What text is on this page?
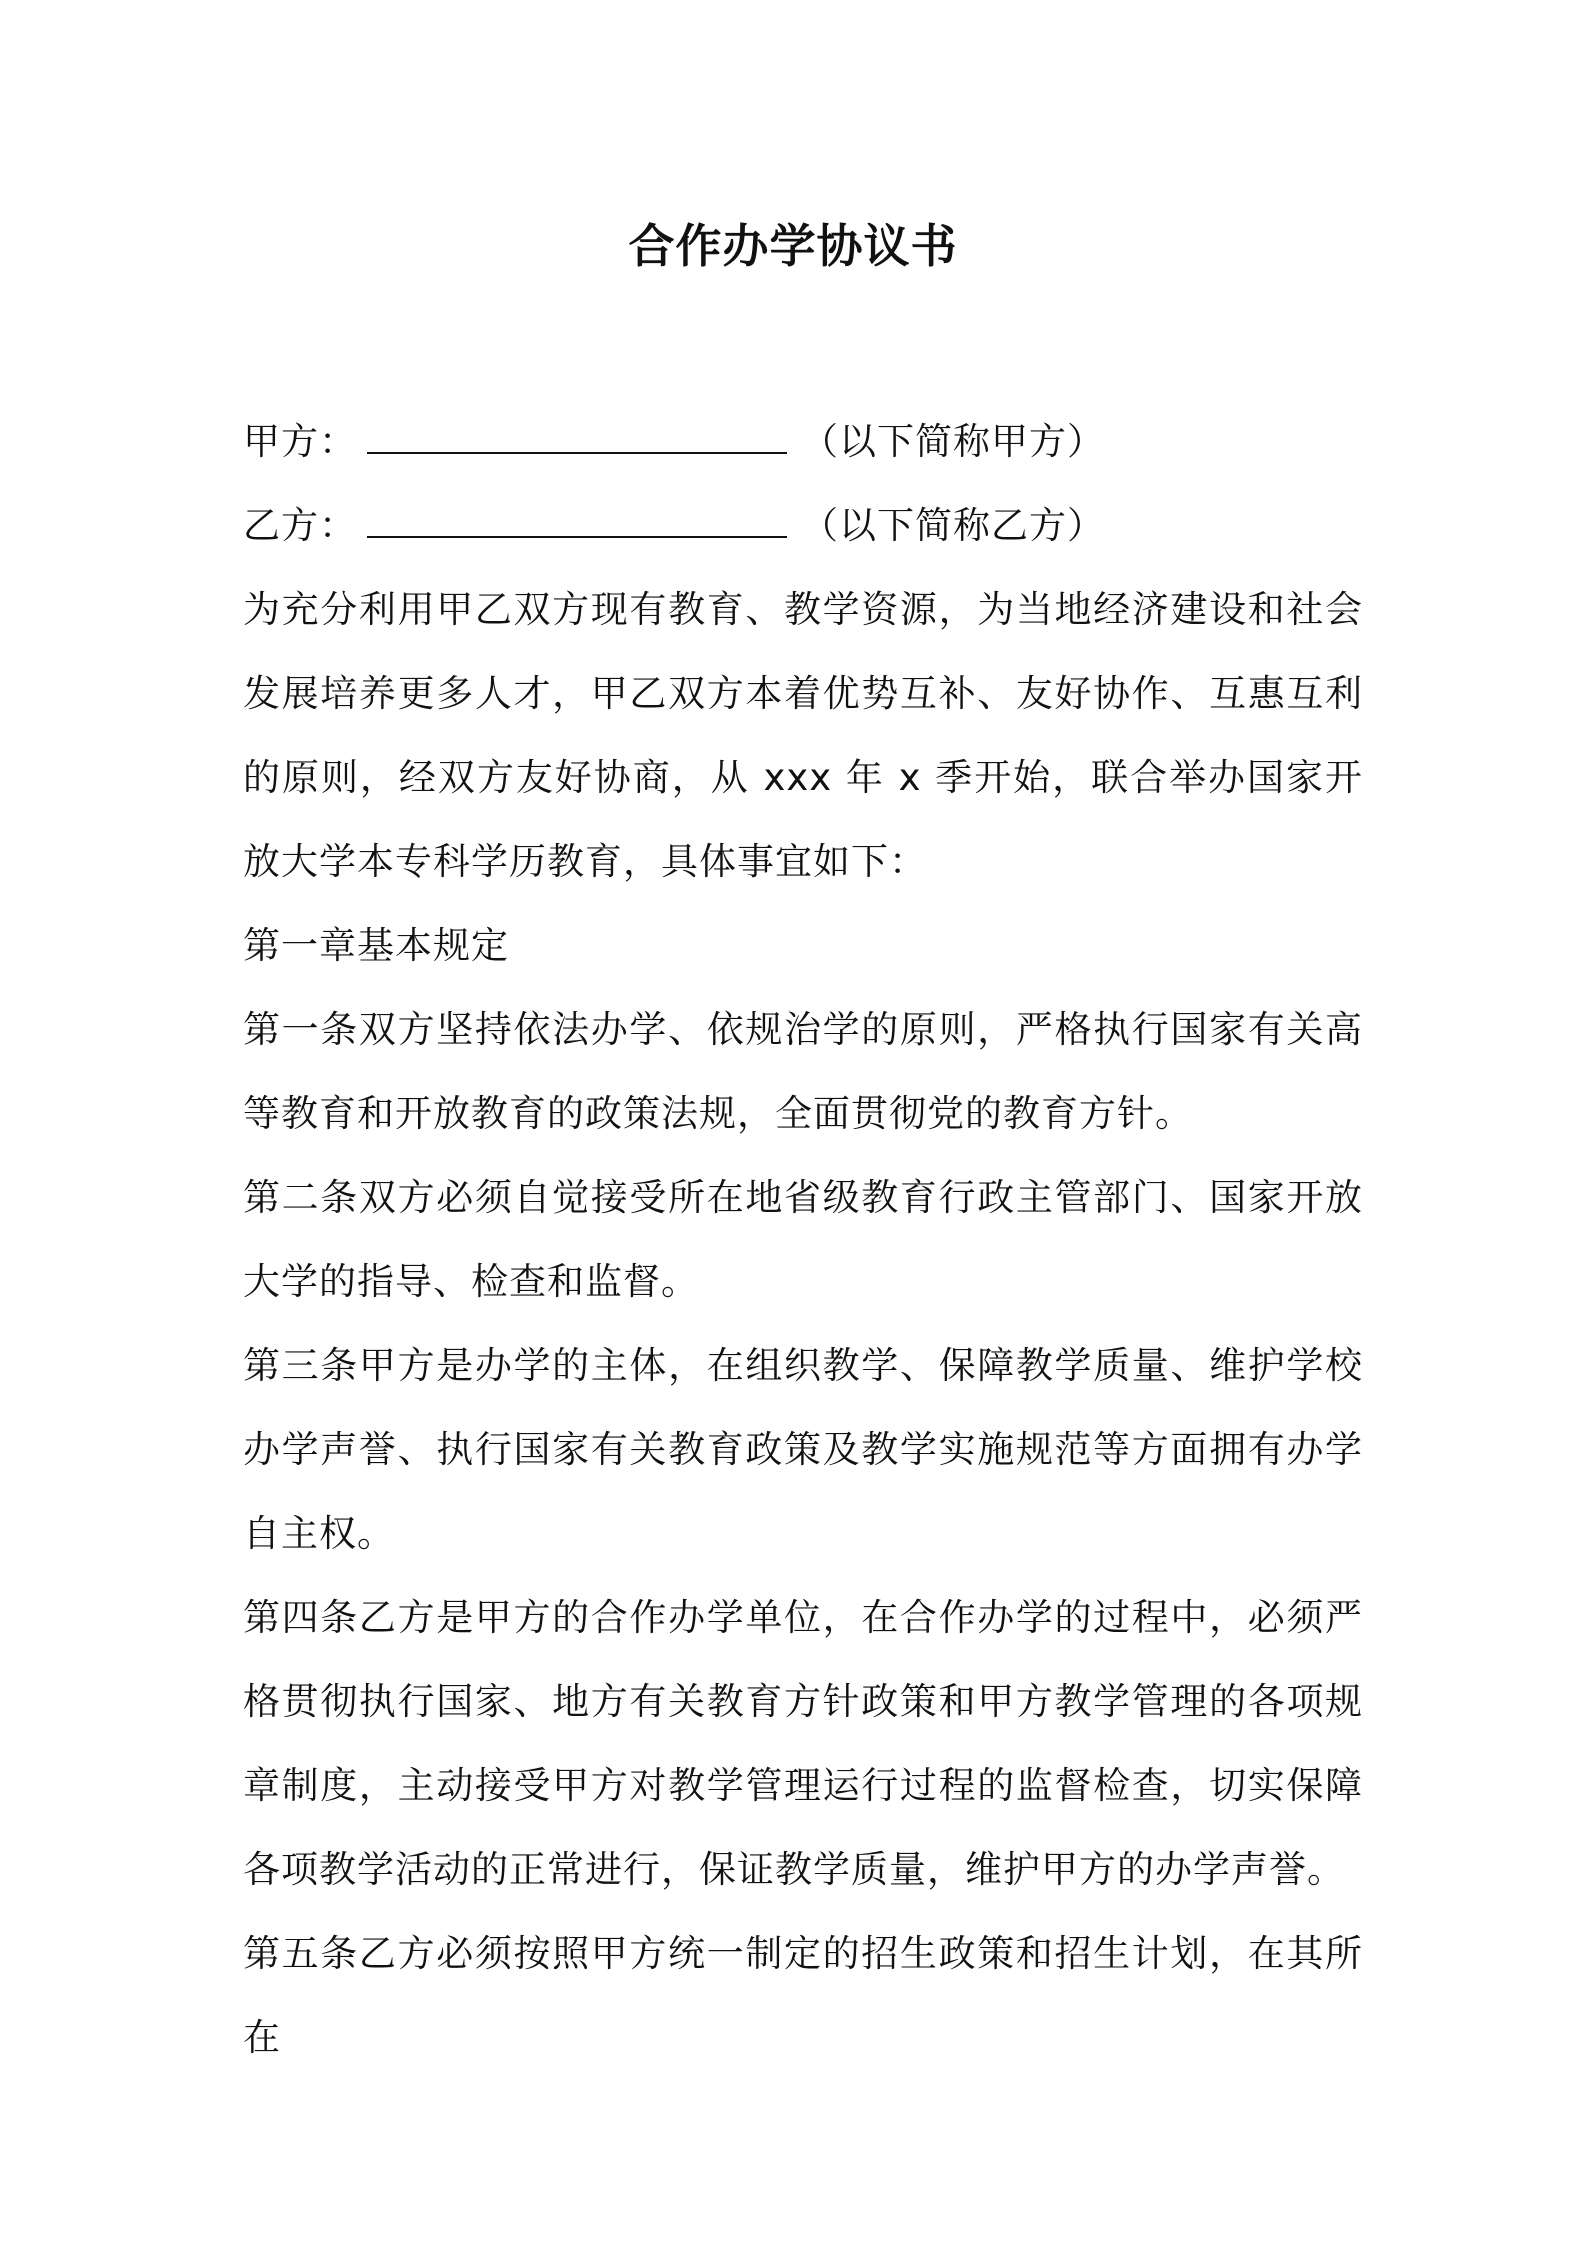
合作办学协议书
甲方：	（以下简称甲方）
乙方：	（以下简称乙方）

为充分利用甲乙双方现有教育、教学资源，为当地经济建设和社会发展培养更多人才，甲乙双方本着优势互补、友好协作、互惠互利的原则，经双方友好协商，从 xxx 年 x 季开始，联合举办国家开放大学本专科学历教育，具体事宜如下：

第一章基本规定

第一条双方坚持依法办学、依规治学的原则，严格执行国家有关高等教育和开放教育的政策法规，全面贯彻党的教育方针。

第二条双方必须自觉接受所在地省级教育行政主管部门、国家开放大学的指导、检查和监督。

第三条甲方是办学的主体，在组织教学、保障教学质量、维护学校办学声誉、执行国家有关教育政策及教学实施规范等方面拥有办学自主权。

第四条乙方是甲方的合作办学单位，在合作办学的过程中，必须严格贯彻执行国家、地方有关教育方针政策和甲方教学管理的各项规章制度，主动接受甲方对教学管理运行过程的监督检查，切实保障各项教学活动的正常进行，保证教学质量，维护甲方的办学声誉。

第五条乙方必须按照甲方统一制定的招生政策和招生计划，在其所在
